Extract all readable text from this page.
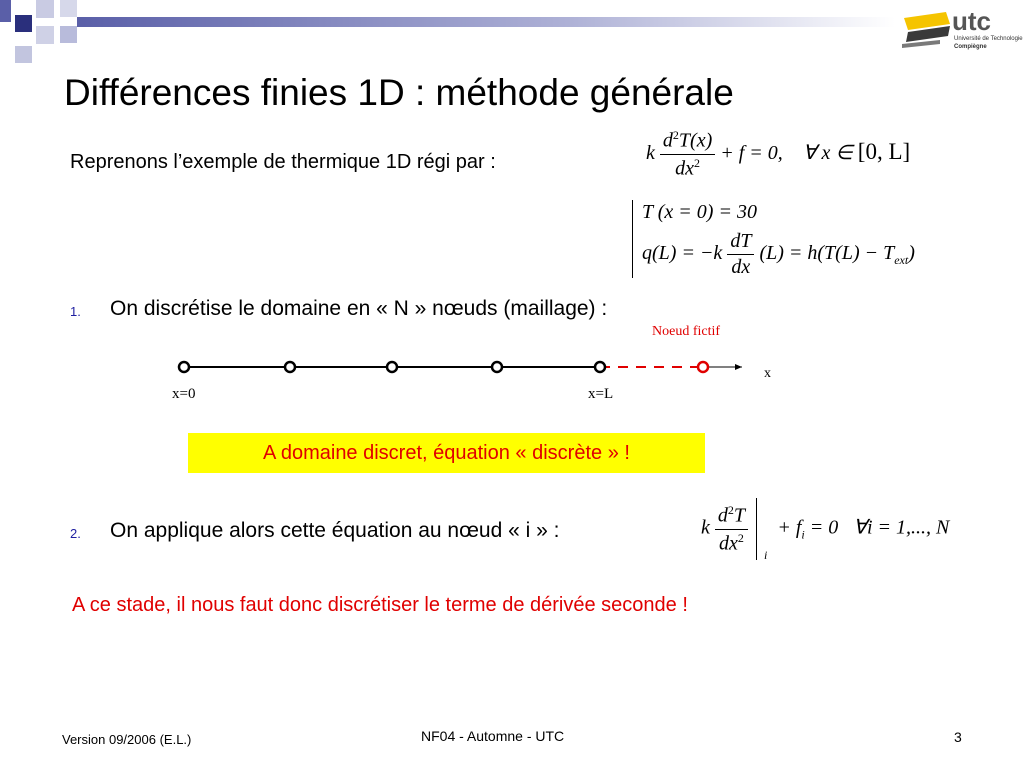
utc
Université de Technologie
Compiègne
Différences finies 1D : méthode générale
Reprenons l’exemple de thermique 1D régi par :	k $\frac{d^2T(x)}{dx^2} + f = 0$, ∀ x ∈ [0, L]
T (x = 0) = 30
$q(L) = -k \frac{dT}{dx} (L) = h(T(L) - T_{ext})$
1. On discrétise le domaine en « N » nœuds (maillage) :
Noeud fictif
x
x=0	x=L
A domaine discret, équation « discrète » !
2. On applique alors cette équation au nœud « i » :	k $\frac{d^2T}{dx^2} _i + f_i = 0$ ∀i = 1,..., N
A ce stade, il nous faut donc discrétiser le terme de dérivée seconde !
Version 09/2006 (E.L.)	NF04 - Automne - UTC	3
